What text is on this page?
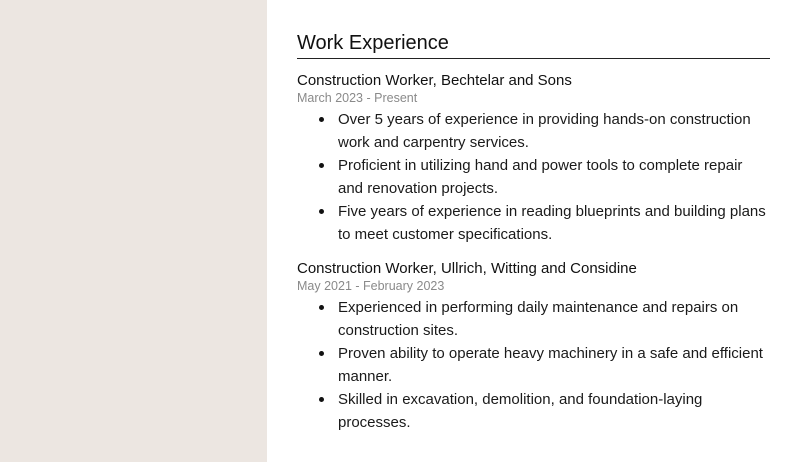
Work Experience
Construction Worker, Bechtelar and Sons
March 2023 - Present
Over 5 years of experience in providing hands-on construction work and carpentry services.
Proficient in utilizing hand and power tools to complete repair and renovation projects.
Five years of experience in reading blueprints and building plans to meet customer specifications.
Construction Worker, Ullrich, Witting and Considine
May 2021 - February 2023
Experienced in performing daily maintenance and repairs on construction sites.
Proven ability to operate heavy machinery in a safe and efficient manner.
Skilled in excavation, demolition, and foundation-laying processes.
